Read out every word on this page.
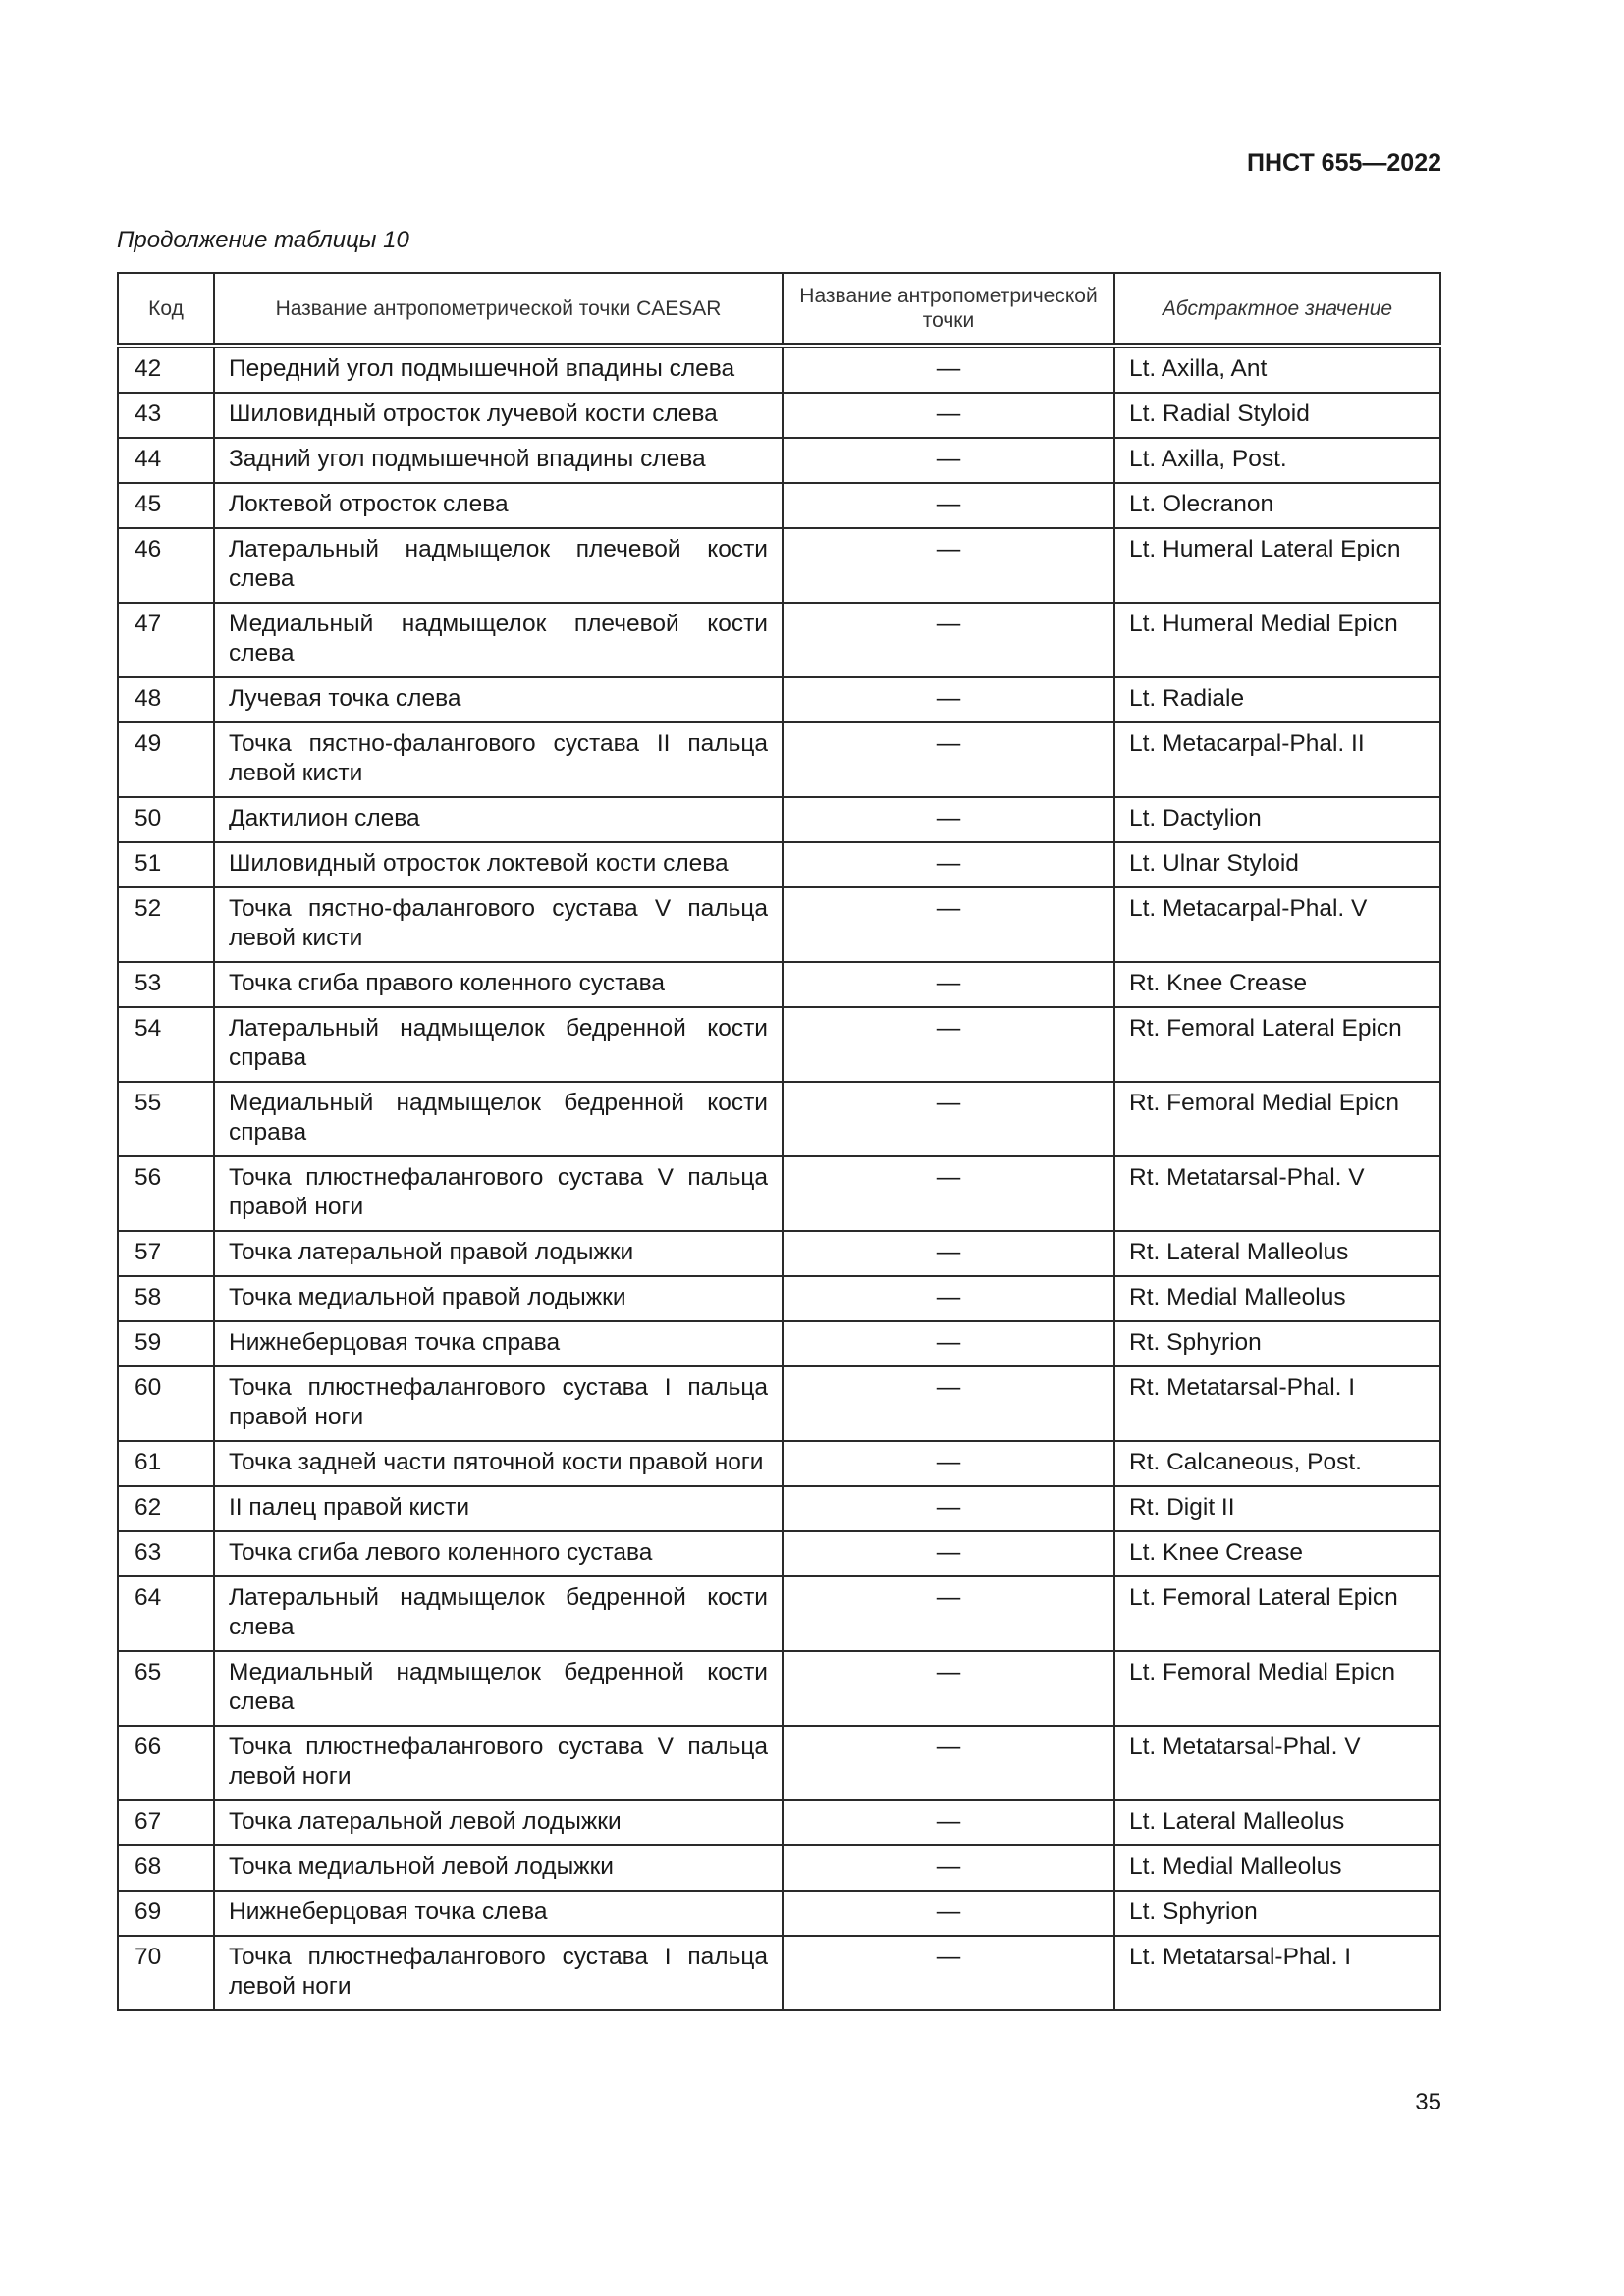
ПНСТ 655—2022
Продолжение таблицы 10
Код	Название антропометрической точки CAESAR	Название антропометрической точки	Абстрактное значение
42	Передний угол подмышечной впадины слева	—	Lt. Axilla, Ant
43	Шиловидный отросток лучевой кости слева	—	Lt. Radial Styloid
44	Задний угол подмышечной впадины слева	—	Lt. Axilla, Post.
45	Локтевой отросток слева	—	Lt. Olecranon
46	Латеральный надмыщелок плечевой кости слева	—	Lt. Humeral Lateral Epicn
47	Медиальный надмыщелок плечевой кости слева	—	Lt. Humeral Medial Epicn
48	Лучевая точка слева	—	Lt. Radiale
49	Точка пястно-фалангового сустава II пальца левой кисти	—	Lt. Metacarpal-Phal. II
50	Дактилион слева	—	Lt. Dactylion
51	Шиловидный отросток локтевой кости слева	—	Lt. Ulnar Styloid
52	Точка пястно-фалангового сустава V пальца левой кисти	—	Lt. Metacarpal-Phal. V
53	Точка сгиба правого коленного сустава	—	Rt. Knee Crease
54	Латеральный надмыщелок бедренной кости справа	—	Rt. Femoral Lateral Epicn
55	Медиальный надмыщелок бедренной кости справа	—	Rt. Femoral Medial Epicn
56	Точка плюстнефалангового сустава V пальца правой ноги	—	Rt. Metatarsal-Phal. V
57	Точка латеральной правой лодыжки	—	Rt. Lateral Malleolus
58	Точка медиальной правой лодыжки	—	Rt. Medial Malleolus
59	Нижнеберцовая точка справа	—	Rt. Sphyrion
60	Точка плюстнефалангового сустава I пальца правой ноги	—	Rt. Metatarsal-Phal. I
61	Точка задней части пяточной кости правой ноги	—	Rt. Calcaneous, Post.
62	II палец правой кисти	—	Rt. Digit II
63	Точка сгиба левого коленного сустава	—	Lt. Knee Crease
64	Латеральный надмыщелок бедренной кости слева	—	Lt. Femoral Lateral Epicn
65	Медиальный надмыщелок бедренной кости слева	—	Lt. Femoral Medial Epicn
66	Точка плюстнефалангового сустава V пальца левой ноги	—	Lt. Metatarsal-Phal. V
67	Точка латеральной левой лодыжки	—	Lt. Lateral Malleolus
68	Точка медиальной левой лодыжки	—	Lt. Medial Malleolus
69	Нижнеберцовая точка слева	—	Lt. Sphyrion
70	Точка плюстнефалангового сустава I пальца левой ноги	—	Lt. Metatarsal-Phal. I
35
